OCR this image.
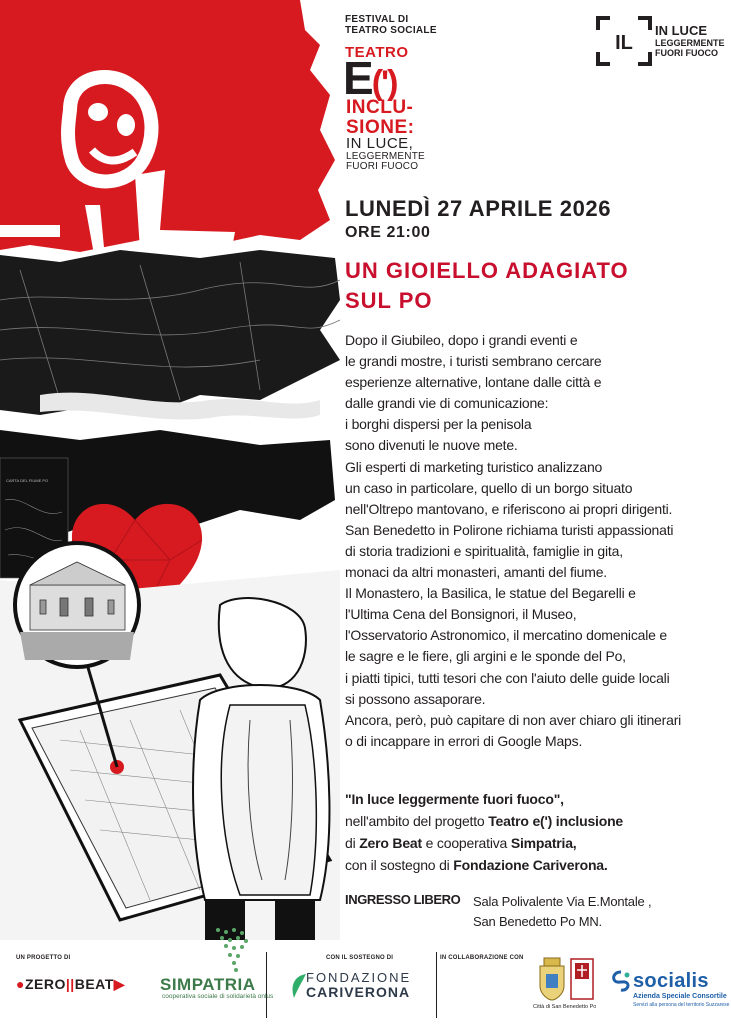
CARTA DEL FIUME PO
FESTIVAL DI
TEATRO SOCIALE
TEATRO
E(')
INCLU-
SIONE:
IN LUCE,
LEGGERMENTE
FUORI FUOCO
IL
IN LUCE
LEGGERMENTE
FUORI FUOCO
LUNEDÌ 27 APRILE 2026
ORE 21:00
UN GIOIELLO ADAGIATO
SUL PO
Dopo il Giubileo, dopo i grandi eventi e
le grandi mostre, i turisti sembrano cercare
esperienze alternative, lontane dalle città e
dalle grandi vie di comunicazione:
i borghi dispersi per la penisola
sono divenuti le nuove mete.
Gli esperti di marketing turistico analizzano
un caso in particolare, quello di un borgo situato
nell'Oltrepo mantovano, e riferiscono ai propri dirigenti.
San Benedetto in Polirone richiama turisti appassionati
di storia tradizioni e spiritualità, famiglie in gita,
monaci da altri monasteri, amanti del fiume.
Il Monastero, la Basilica, le statue del Begarelli e
l'Ultima Cena del Bonsignori, il Museo,
l'Osservatorio Astronomico, il mercatino domenicale e
le sagre e le fiere, gli argini e le sponde del Po,
i piatti tipici, tutti tesori che con l'aiuto delle guide locali
si possono assaporare.
Ancora, però, può capitare di non aver chiaro gli itinerari
o di incappare in errori di Google Maps.
"In luce leggermente fuori fuoco",
nell'ambito del progetto Teatro e(') inclusione
di Zero Beat e cooperativa Simpatria,
con il sostegno di Fondazione Cariverona.
INGRESSO LIBERO Sala Polivalente Via E.Montale ,
San Benedetto Po MN.
UN PROGETTO DI	CON IL SOSTEGNO DI	IN COLLABORAZIONE CON
●ZERO||BEAT▶ SIMPATRIA
cooperativa sociale di solidarietà onlus
FONDAZIONE
CARIVERONA
Città di San Benedetto Po
socialis
Azienda Speciale Consortile
Servizi alla persona del territorio Suzzarese
